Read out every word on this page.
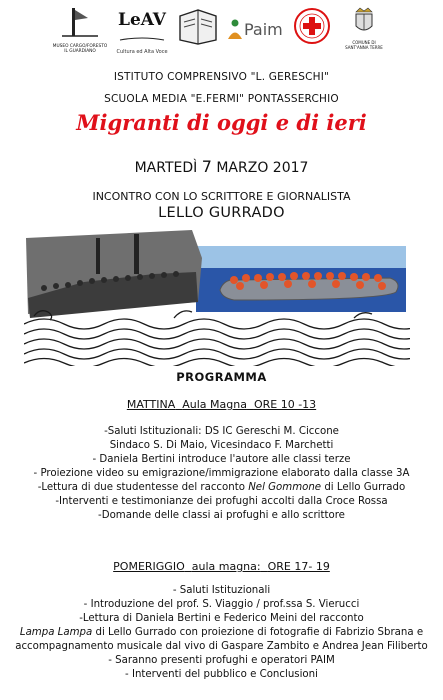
MUSEO CARGO/FORESTO
IL GUARDIANO
LeAV
Cultura ed Alta Voce
Paim
COMUNE DI
SANT'ANNA TERRE
ISTITUTO COMPRENSIVO "L. GERESCHI"
SCUOLA MEDIA "E.FERMI" PONTASSERCHIO
Migranti di oggi e di ieri
MARTEDÌ 7 MARZO 2017
INCONTRO CON LO SCRITTORE E GIORNALISTA
LELLO GURRADO
PROGRAMMA
MATTINA Aula Magna ORE 10 -13
-Saluti Istituzionali: DS IC Gereschi M. Ciccone
Sindaco S. Di Maio, Vicesindaco F. Marchetti
- Daniela Bertini introduce l'autore alle classi terze
- Proiezione video su emigrazione/immigrazione elaborato dalla classe 3A
-Lettura di due studentesse del racconto Nel Gommone di Lello Gurrado
-Interventi e testimonianze dei profughi accolti dalla Croce Rossa
-Domande delle classi ai profughi e allo scrittore
POMERIGGIO aula magna: ORE 17- 19
- Saluti Istituzionali
- Introduzione del prof. S. Viaggio / prof.ssa S. Vierucci
-Lettura di Daniela Bertini e Federico Meini del racconto
Lampa Lampa di Lello Gurrado con proiezione di fotografie di Fabrizio Sbrana e
accompagnamento musicale dal vivo di Gaspare Zambito e Andrea Jean Filiberto
- Saranno presenti profughi e operatori PAIM
- Interventi del pubblico e Conclusioni
